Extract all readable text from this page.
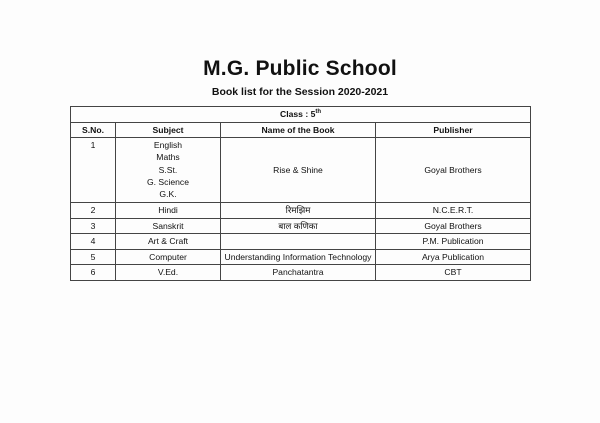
M.G. Public School
Book list for the Session 2020-2021
Class : 5th
S.No.	Subject	Name of the Book	Publisher
1	English
Maths
S.St.
G. Science
G.K.	Rise & Shine	Goyal Brothers
2	Hindi	रिमझिम	N.C.E.R.T.
3	Sanskrit	बाल कणिका	Goyal Brothers
4	Art & Craft		P.M. Publication
5	Computer	Understanding Information Technology	Arya Publication
6	V.Ed.	Panchatantra	CBT
